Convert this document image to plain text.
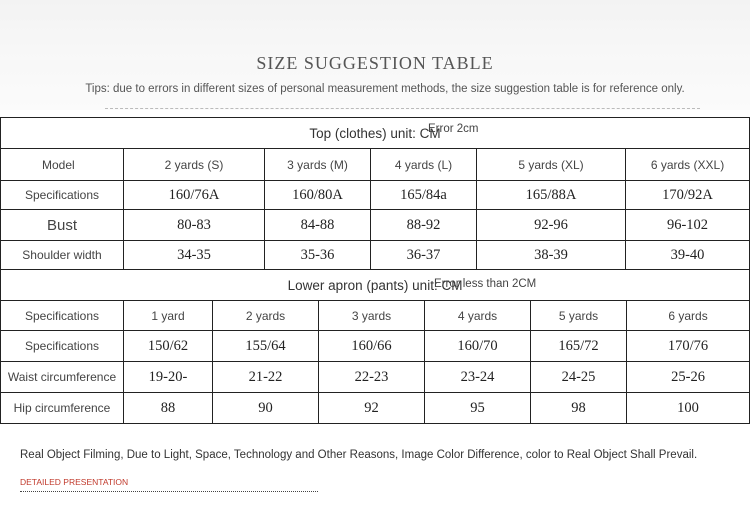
SIZE SUGGESTION TABLE
Tips: due to errors in different sizes of personal measurement methods, the size suggestion table is for reference only.
Top (clothes) unit: CM
Error 2cm					

Model	2 yards (S)	3 yards (M)	4 yards (L)	5 yards (XL)	6 yards (XXL)
Specifications	160/76A	160/80A	165/84a	165/88A	170/92A
Bust	80-83	84-88	88-92	92-96	96-102
Shoulder width	34-35	35-36	36-37	38-39	39-40
Lower apron (pants) unit: CM
Error less than 2CM						

Specifications	1 yard	2 yards	3 yards	4 yards	5 yards	6 yards
Specifications	150/62	155/64	160/66	160/70	165/72	170/76
Waist circumference	19-20-	21-22	22-23	23-24	24-25	25-26
Hip circumference	88	90	92	95	98	100
Real Object Filming, Due to Light, Space, Technology and Other Reasons, Image Color Difference, color to Real Object Shall Prevail.
DETAILED PRESENTATION
